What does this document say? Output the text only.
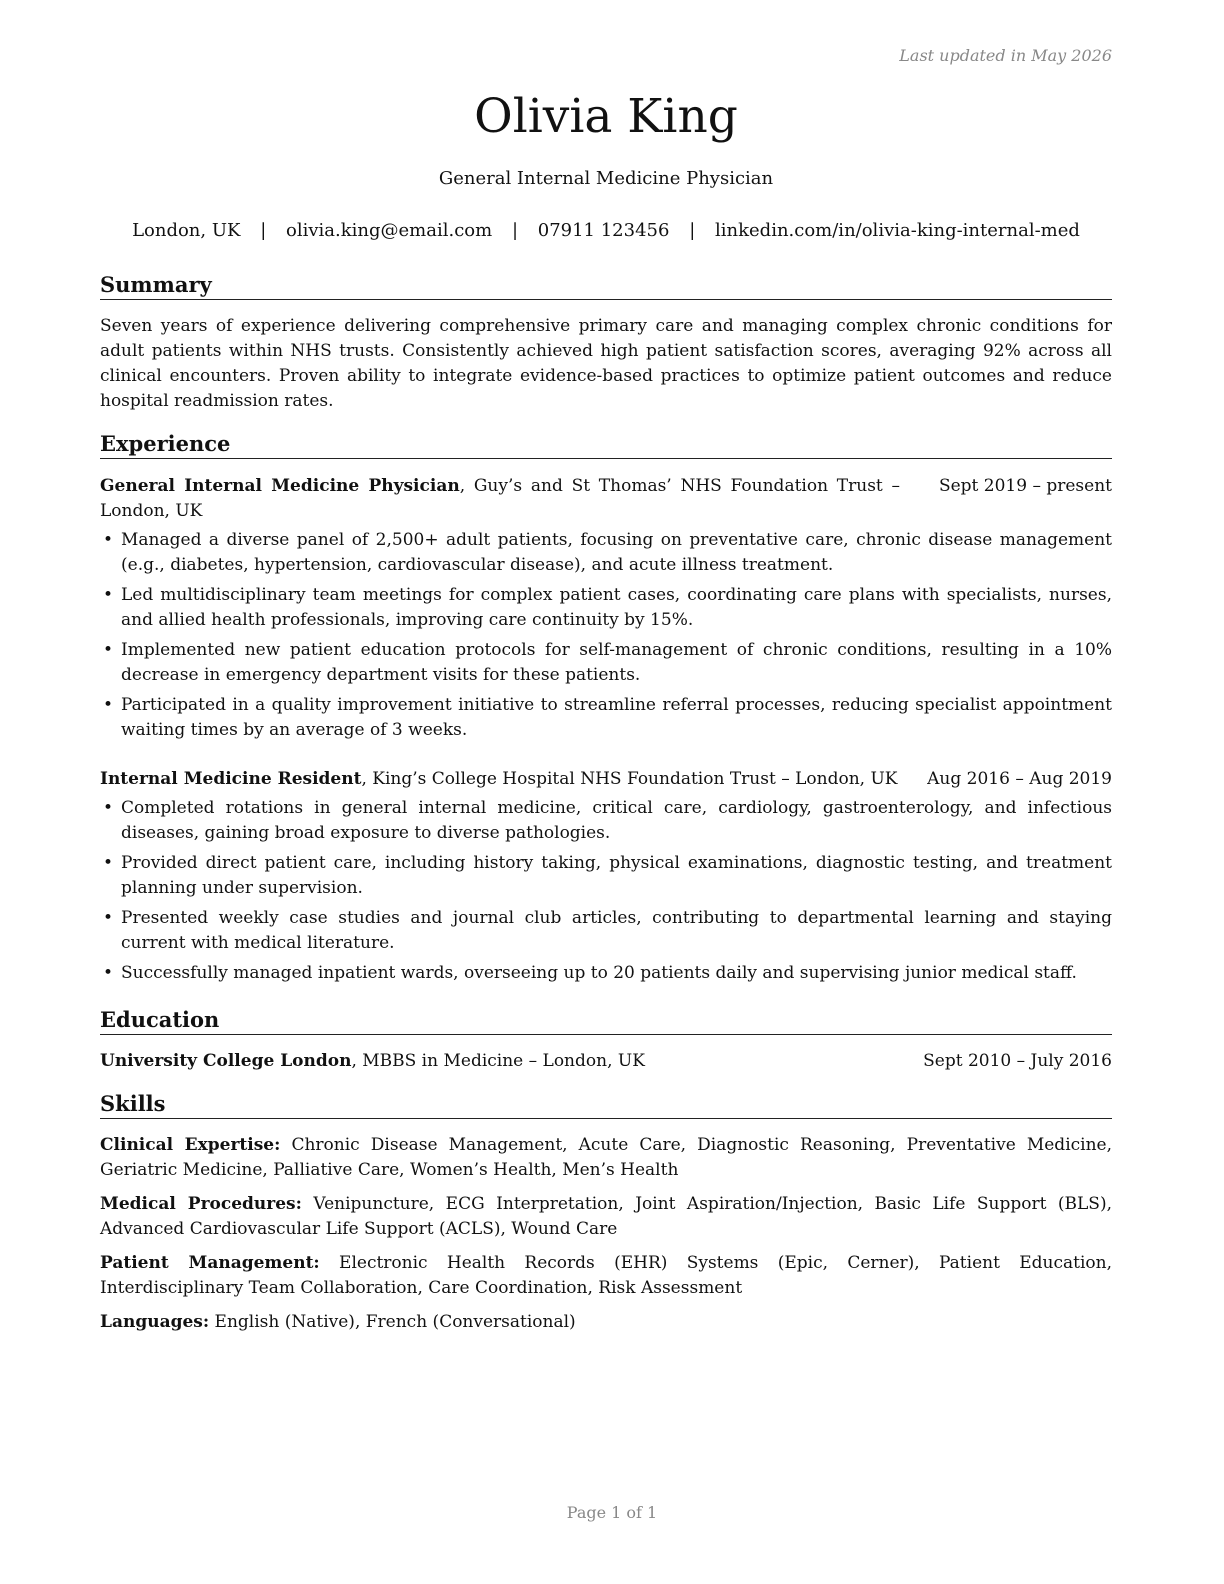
Last updated in May 2026
Olivia King
General Internal Medicine Physician
London, UK | olivia.king@email.com | 07911 123456 | linkedin.com/in/olivia-king-internal-med
Summary
Seven years of experience delivering comprehensive primary care and managing complex chronic conditions for adult patients within NHS trusts. Consistently achieved high patient satisfaction scores, averaging 92% across all clinical encounters. Proven ability to integrate evidence-based practices to optimize patient outcomes and reduce hospital readmission rates.
Experience
General Internal Medicine Physician, Guy’s and St Thomas’ NHS Foundation Trust – London, UK
Sept 2019 – present
• Managed a diverse panel of 2,500+ adult patients, focusing on preventative care, chronic disease management (e.g., diabetes, hypertension, cardiovascular disease), and acute illness treatment.
• Led multidisciplinary team meetings for complex patient cases, coordinating care plans with specialists, nurses, and allied health professionals, improving care continuity by 15%.
• Implemented new patient education protocols for self-management of chronic conditions, resulting in a 10% decrease in emergency department visits for these patients.
• Participated in a quality improvement initiative to streamline referral processes, reducing specialist appointment waiting times by an average of 3 weeks.
Internal Medicine Resident, King’s College Hospital NHS Foundation Trust – London, UK	Aug 2016 – Aug 2019
• Completed rotations in general internal medicine, critical care, cardiology, gastroenterology, and infectious diseases, gaining broad exposure to diverse pathologies.
• Provided direct patient care, including history taking, physical examinations, diagnostic testing, and treatment planning under supervision.
• Presented weekly case studies and journal club articles, contributing to departmental learning and staying current with medical literature.
• Successfully managed inpatient wards, overseeing up to 20 patients daily and supervising junior medical staff.
Education
University College London, MBBS in Medicine – London, UK	Sept 2010 – July 2016
Skills
Clinical Expertise: Chronic Disease Management, Acute Care, Diagnostic Reasoning, Preventative Medicine, Geriatric Medicine, Palliative Care, Women’s Health, Men’s Health
Medical Procedures: Venipuncture, ECG Interpretation, Joint Aspiration/Injection, Basic Life Support (BLS), Advanced Cardiovascular Life Support (ACLS), Wound Care
Patient Management: Electronic Health Records (EHR) Systems (Epic, Cerner), Patient Education, Interdisciplinary Team Collaboration, Care Coordination, Risk Assessment
Languages: English (Native), French (Conversational)
Page 1 of 1
